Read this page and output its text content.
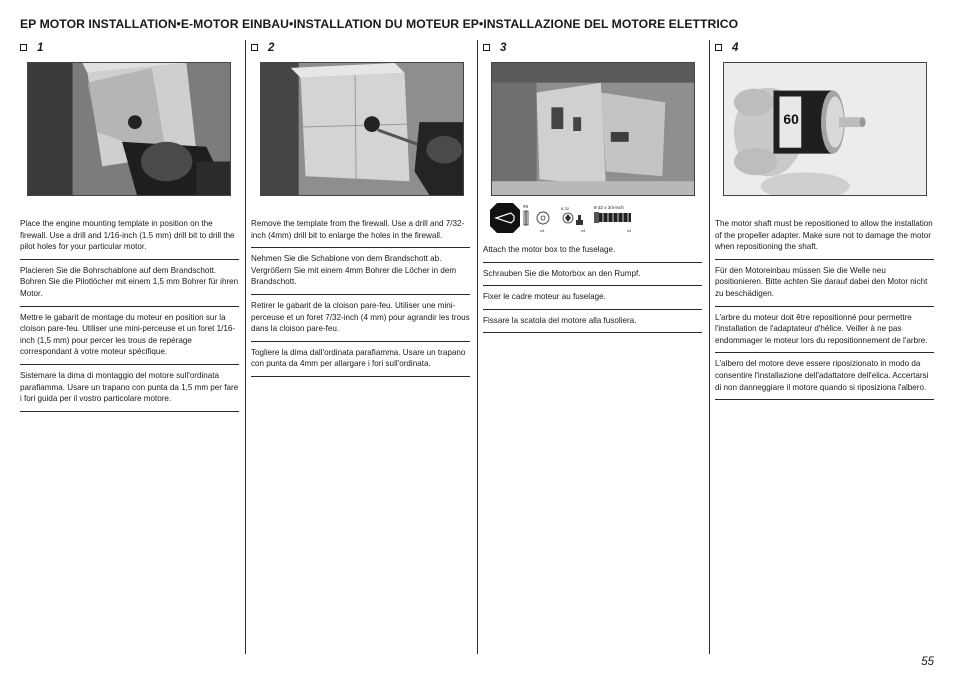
EP MOTOR INSTALLATION•E-MOTOR EINBAU•INSTALLATION DU MOTEUR EP•INSTALLAZIONE DEL MOTORE ELETTRICO
1
Place the engine mounting template in position on the firewall. Use a drill and 1/16-inch (1.5 mm) drill bit to drill the pilot holes for your particular motor.
Placieren Sie die Bohrschablone auf dem Brandschott. Bohren Sie die Pilotlöcher mit einem 1,5 mm Bohrer für ihren Motor.
Mettre le gabarit de montage du moteur en position sur la cloison pare-feu. Utiliser une mini-perceuse et un foret 1/16-inch (1,5 mm) pour percer les trous de repérage correspondant à votre moteur spécifique.
Sistemare la dima di montaggio del motore sull'ordinata parafiamma. Usare un trapano con punta da 1,5 mm per fare i fori guida per il vostro particolare motore.
2
Remove the template from the firewall. Use a drill and 7/32-inch (4mm) drill bit to enlarge the holes in the firewall.
Nehmen Sie die Schablone von dem Brandschott ab. Vergrößern Sie mit einem 4mm Bohrer die Löcher in dem Brandschott.
Retirer le gabarit de la cloison pare-feu. Utiliser une mini-perceuse et un foret 7/32-inch (4 mm) pour agrandir les trous dans la cloison pare-feu.
Togliere la dima dall'ordinata parafiamma. Usare un trapano con punta da 4mm per allargare i fori sull'ordinata.
3
#8	8-32	8-32 x 3/4-inch
x4	x4	x4
Attach the motor box to the fuselage.
Schrauben Sie die Motorbox an den Rumpf.
Fixer le cadre moteur au fuselage.
Fissare la scatola del motore alla fusoliera.
4
60
The motor shaft must be repositioned to allow the installation of the propeller adapter. Make sure not to damage the motor when repositioning the shaft.
Für den Motoreinbau müssen Sie die Welle neu positionieren. Bitte achten Sie darauf dabei den Motor nicht zu beschädigen.
L'arbre du moteur doit être repositionné pour permettre l'installation de l'adaptateur d'hélice. Veiller à ne pas endommager le moteur lors du repositionnement de l'arbre.
L'albero del motore deve essere riposizionato in modo da consentire l'installazione dell'adattatore dell'elica. Accertarsi di non danneggiare il motore quando si riposiziona l'albero.
55
